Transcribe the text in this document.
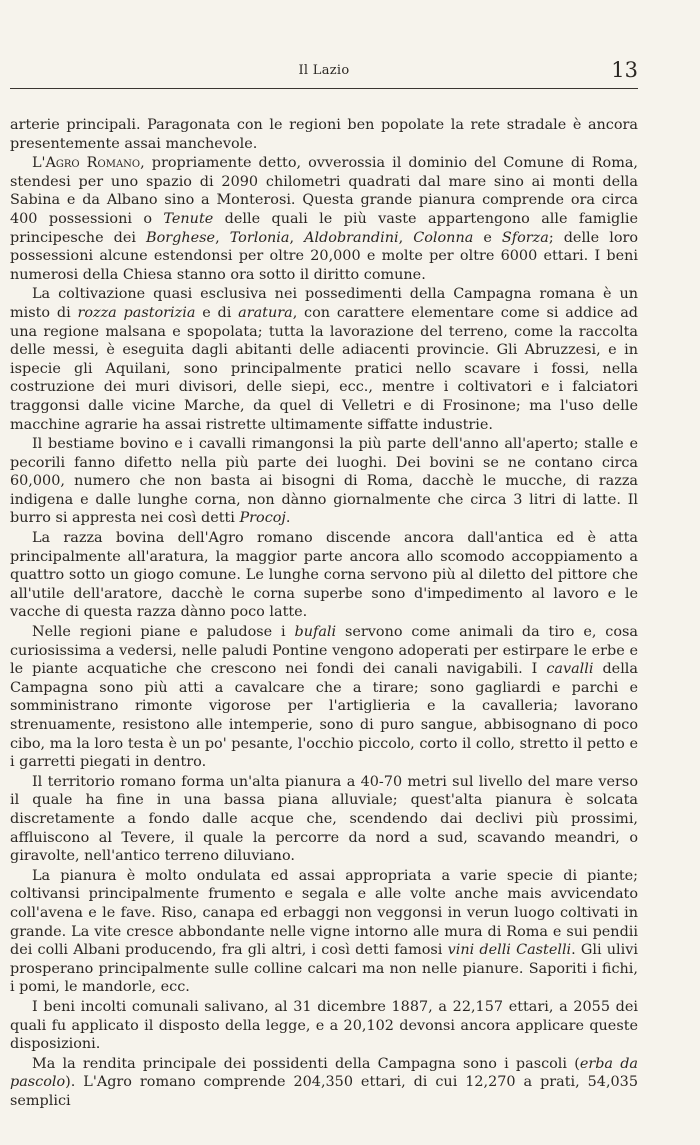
Il Lazio	13

arterie principali. Paragonata con le regioni ben popolate la rete stradale è ancora presentemente assai manchevole.

L'Agro Romano, propriamente detto, ovverossia il dominio del Comune di Roma, stendesi per uno spazio di 2090 chilometri quadrati dal mare sino ai monti della Sabina e da Albano sino a Monterosi. Questa grande pianura comprende ora circa 400 possessioni o Tenute delle quali le più vaste appartengono alle famiglie principesche dei Borghese, Torlonia, Aldobrandini, Colonna e Sforza; delle loro possessioni alcune estendonsi per oltre 20,000 e molte per oltre 6000 ettari. I beni numerosi della Chiesa stanno ora sotto il diritto comune.

La coltivazione quasi esclusiva nei possedimenti della Campagna romana è un misto di rozza pastorizia e di aratura, con carattere elementare come si addice ad una regione malsana e spopolata; tutta la lavorazione del terreno, come la raccolta delle messi, è eseguita dagli abitanti delle adiacenti provincie. Gli Abruzzesi, e in ispecie gli Aquilani, sono principalmente pratici nello scavare i fossi, nella costruzione dei muri divisori, delle siepi, ecc., mentre i coltivatori e i falciatori traggonsi dalle vicine Marche, da quel di Velletri e di Frosinone; ma l'uso delle macchine agrarie ha assai ristrette ultimamente siffatte industrie.

Il bestiame bovino e i cavalli rimangonsi la più parte dell'anno all'aperto; stalle e pecorili fanno difetto nella più parte dei luoghi. Dei bovini se ne contano circa 60,000, numero che non basta ai bisogni di Roma, dacchè le mucche, di razza indigena e dalle lunghe corna, non dànno giornalmente che circa 3 litri di latte. Il burro si appresta nei così detti Procoj.

La razza bovina dell'Agro romano discende ancora dall'antica ed è atta principalmente all'aratura, la maggior parte ancora allo scomodo accoppiamento a quattro sotto un giogo comune. Le lunghe corna servono più al diletto del pittore che all'utile dell'aratore, dacchè le corna superbe sono d'impedimento al lavoro e le vacche di questa razza dànno poco latte.

Nelle regioni piane e paludose i bufali servono come animali da tiro e, cosa curiosissima a vedersi, nelle paludi Pontine vengono adoperati per estirpare le erbe e le piante acquatiche che crescono nei fondi dei canali navigabili. I cavalli della Campagna sono più atti a cavalcare che a tirare; sono gagliardi e parchi e somministrano rimonte vigorose per l'artiglieria e la cavalleria; lavorano strenuamente, resistono alle intemperie, sono di puro sangue, abbisognano di poco cibo, ma la loro testa è un po' pesante, l'occhio piccolo, corto il collo, stretto il petto e i garretti piegati in dentro.

Il territorio romano forma un'alta pianura a 40-70 metri sul livello del mare verso il quale ha fine in una bassa piana alluviale; quest'alta pianura è solcata discretamente a fondo dalle acque che, scendendo dai declivi più prossimi, affluiscono al Tevere, il quale la percorre da nord a sud, scavando meandri, o giravolte, nell'antico terreno diluviano.

La pianura è molto ondulata ed assai appropriata a varie specie di piante; coltivansi principalmente frumento e segala e alle volte anche mais avvicendato coll'avena e le fave. Riso, canapa ed erbaggi non veggonsi in verun luogo coltivati in grande. La vite cresce abbondante nelle vigne intorno alle mura di Roma e sui pendii dei colli Albani producendo, fra gli altri, i così detti famosi vini delli Castelli. Gli ulivi prosperano principalmente sulle colline calcari ma non nelle pianure. Saporiti i fichi, i pomi, le mandorle, ecc.

I beni incolti comunali salivano, al 31 dicembre 1887, a 22,157 ettari, a 2055 dei quali fu applicato il disposto della legge, e a 20,102 devonsi ancora applicare queste disposizioni.

Ma la rendita principale dei possidenti della Campagna sono i pascoli (erba da pascolo). L'Agro romano comprende 204,350 ettari, di cui 12,270 a prati, 54,035 semplici
